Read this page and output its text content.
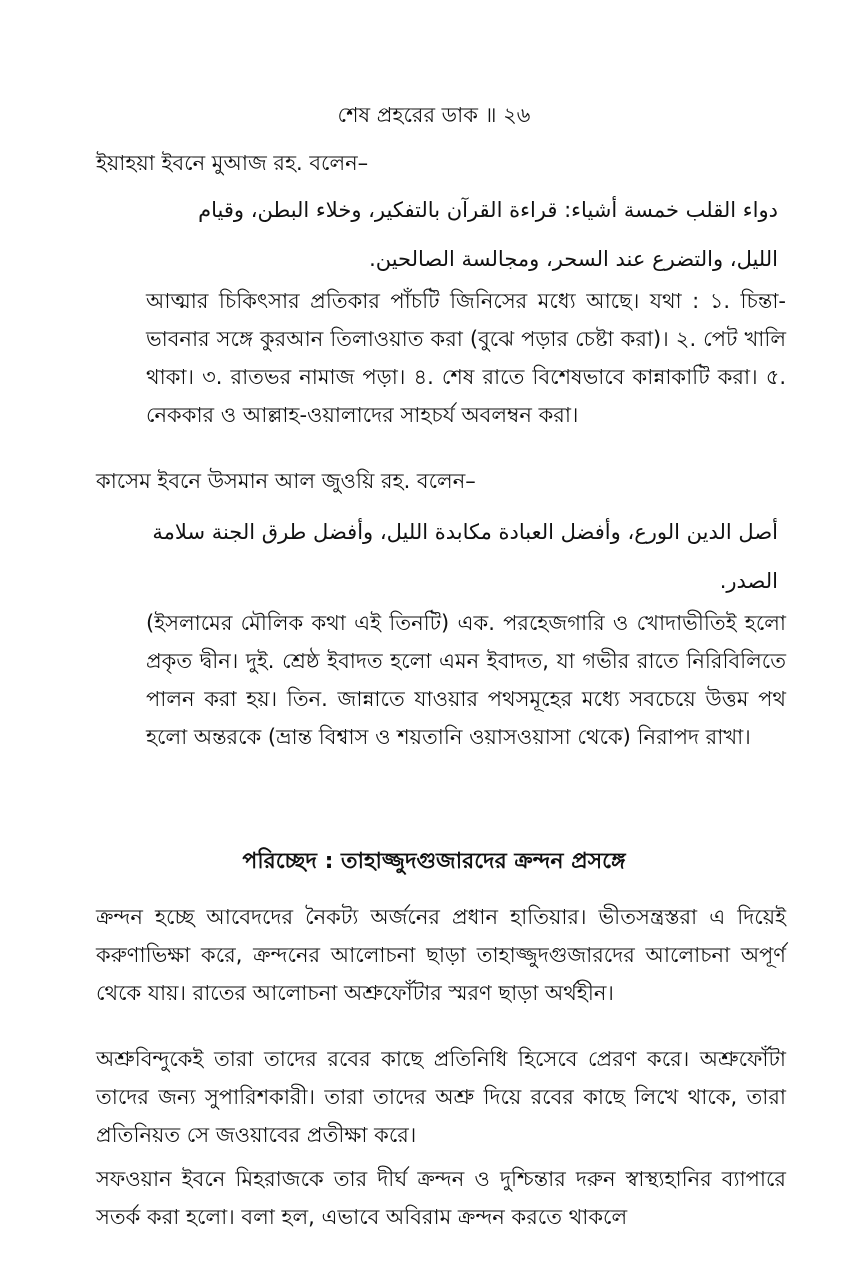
শেষ প্রহরের ডাক ॥ ২৬

ইয়াহয়া ইবনে মুআজ রহ. বলেন–

دواء القلب خمسة أشياء: قراءة القرآن بالتفكير، وخلاء البطن، وقيام الليل، والتضرع عند السحر، ومجالسة الصالحين.

আত্মার চিকিৎসার প্রতিকার পাঁচটি জিনিসের মধ্যে আছে। যথা : ১. চিন্তা-ভাবনার সঙ্গে কুরআন তিলাওয়াত করা (বুঝে পড়ার চেষ্টা করা)। ২. পেট খালি থাকা। ৩. রাতভর নামাজ পড়া। ৪. শেষ রাতে বিশেষভাবে কান্নাকাটি করা। ৫. নেককার ও আল্লাহ-ওয়ালাদের সাহচর্য অবলম্বন করা।

কাসেম ইবনে উসমান আল জুওয়ি রহ. বলেন–

أصل الدين الورع، وأفضل العبادة مكابدة الليل، وأفضل طرق الجنة سلامة الصدر.

(ইসলামের মৌলিক কথা এই তিনটি) এক. পরহেজগারি ও খোদাভীতিই হলো প্রকৃত দ্বীন। দুই. শ্রেষ্ঠ ইবাদত হলো এমন ইবাদত, যা গভীর রাতে নিরিবিলিতে পালন করা হয়। তিন. জান্নাতে যাওয়ার পথসমূহের মধ্যে সবচেয়ে উত্তম পথ হলো অন্তরকে (ভ্রান্ত বিশ্বাস ও শয়তানি ওয়াসওয়াসা থেকে) নিরাপদ রাখা।

পরিচ্ছেদ : তাহাজ্জুদগুজারদের ক্রন্দন প্রসঙ্গে

ক্রন্দন হচ্ছে আবেদদের নৈকট্য অর্জনের প্রধান হাতিয়ার। ভীতসন্ত্রস্তরা এ দিয়েই করুণাভিক্ষা করে, ক্রন্দনের আলোচনা ছাড়া তাহাজ্জুদগুজারদের আলোচনা অপূর্ণ থেকে যায়। রাতের আলোচনা অশ্রুফোঁটার স্মরণ ছাড়া অর্থহীন।

অশ্রুবিন্দুকেই তারা তাদের রবের কাছে প্রতিনিধি হিসেবে প্রেরণ করে। অশ্রুফোঁটা তাদের জন্য সুপারিশকারী। তারা তাদের অশ্রু দিয়ে রবের কাছে লিখে থাকে, তারা প্রতিনিয়ত সে জওয়াবের প্রতীক্ষা করে।

সফওয়ান ইবনে মিহরাজকে তার দীর্ঘ ক্রন্দন ও দুশ্চিন্তার দরুন স্বাস্থ্যহানির ব্যাপারে সতর্ক করা হলো। বলা হল, এভাবে অবিরাম ক্রন্দন করতে থাকলে
